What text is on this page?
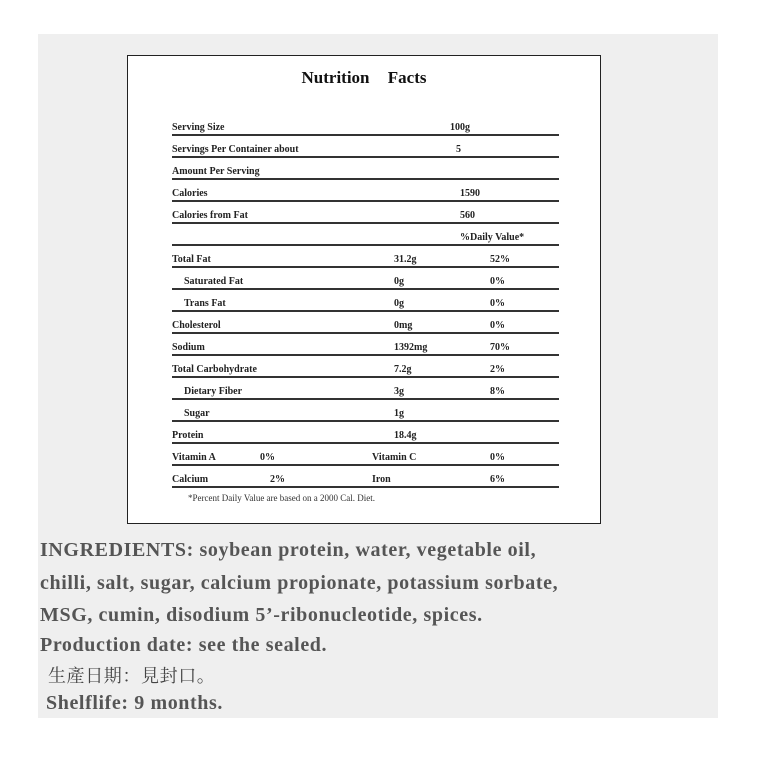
Nutrition Facts
Serving Size	100g
Servings Per Container about	5
Amount Per Serving
Calories	1590
Calories from Fat	560
%Daily Value*
Total Fat	31.2g	52%
Saturated Fat	0g	0%
Trans Fat	0g	0%
Cholesterol	0mg	0%
Sodium	1392mg	70%
Total Carbohydrate	7.2g	2%
Dietary Fiber	3g	8%
Sugar	1g
Protein	18.4g
Vitamin A	0%	Vitamin C	0%
Calcium	2%	Iron	6%
*Percent Daily Value are based on a 2000 Cal. Diet.
INGREDIENTS: soybean protein, water, vegetable oil,
chilli, salt, sugar, calcium propionate, potassium sorbate,
MSG, cumin, disodium 5’-ribonucleotide, spices.
Production date: see the sealed.
生產日期：見封口。
Shelflife: 9 months.
